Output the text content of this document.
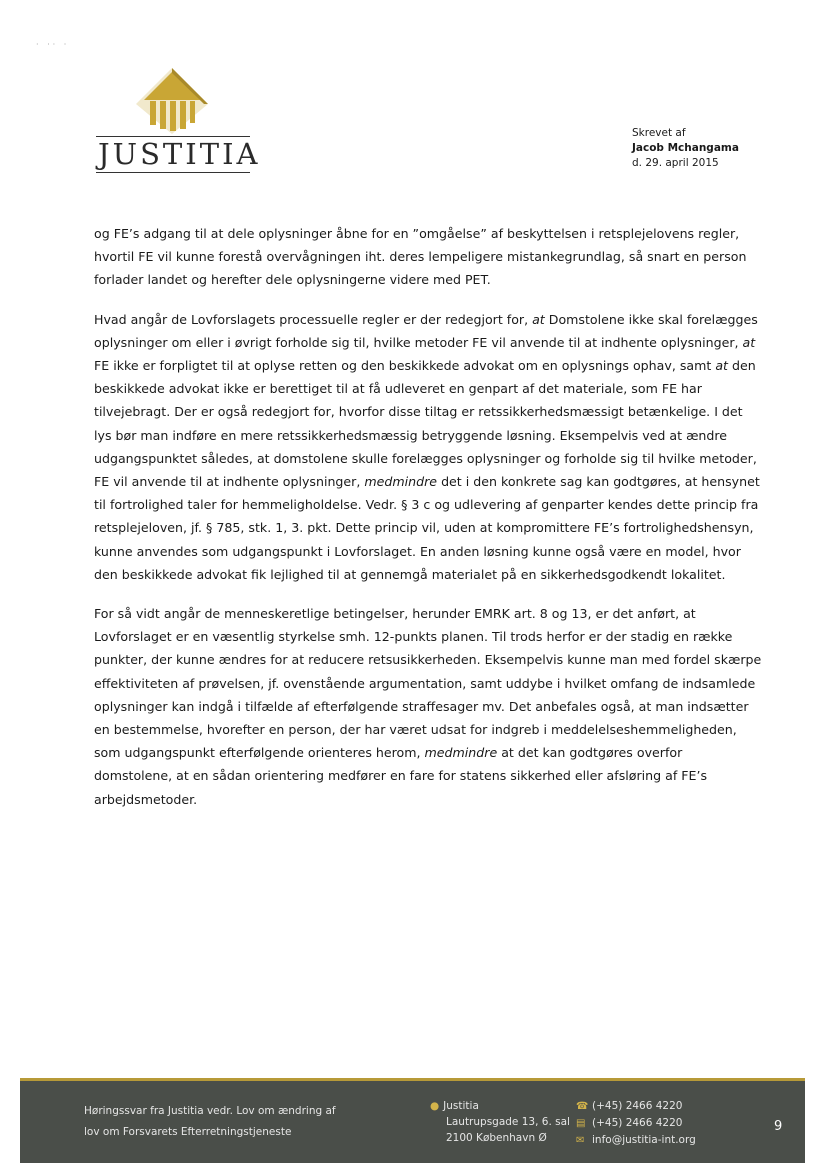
· ·· ·
JUSTITIA
Skrevet af
Jacob Mchangama
d. 29. april 2015

og FE’s adgang til at dele oplysninger åbne for en ”omgåelse” af beskyttelsen i retsplejelovens regler, hvortil FE vil kunne forestå overvågningen iht. deres lempeligere mistankegrundlag, så snart en person forlader landet og herefter dele oplysningerne videre med PET.

Hvad angår de Lovforslagets processuelle regler er der redegjort for, at Domstolene ikke skal forelægges oplysninger om eller i øvrigt forholde sig til, hvilke metoder FE vil anvende til at indhente oplysninger, at FE ikke er forpligtet til at oplyse retten og den beskikkede advokat om en oplysnings ophav, samt at den beskikkede advokat ikke er berettiget til at få udleveret en genpart af det materiale, som FE har tilvejebragt. Der er også redegjort for, hvorfor disse tiltag er retssikkerhedsmæssigt betænkelige. I det lys bør man indføre en mere retssikkerhedsmæssig betryggende løsning. Eksempelvis ved at ændre udgangspunktet således, at domstolene skulle forelægges oplysninger og forholde sig til hvilke metoder, FE vil anvende til at indhente oplysninger, medmindre det i den konkrete sag kan godtgøres, at hensynet til fortrolighed taler for hemmeligholdelse. Vedr. § 3 c og udlevering af genparter kendes dette princip fra retsplejeloven, jf. § 785, stk. 1, 3. pkt. Dette princip vil, uden at kompromittere FE’s fortrolighedshensyn, kunne anvendes som udgangspunkt i Lovforslaget. En anden løsning kunne også være en model, hvor den beskikkede advokat fik lejlighed til at gennemgå materialet på en sikkerhedsgodkendt lokalitet.

For så vidt angår de menneskeretlige betingelser, herunder EMRK art. 8 og 13, er det anført, at Lovforslaget er en væsentlig styrkelse smh. 12-punkts planen. Til trods herfor er der stadig en række punkter, der kunne ændres for at reducere retsusikkerheden. Eksempelvis kunne man med fordel skærpe effektiviteten af prøvelsen, jf. ovenstående argumentation, samt uddybe i hvilket omfang de indsamlede oplysninger kan indgå i tilfælde af efterfølgende straffesager mv. Det anbefales også, at man indsætter en bestemmelse, hvorefter en person, der har været udsat for indgreb i meddelelseshemmeligheden, som udgangspunkt efterfølgende orienteres herom, medmindre at det kan godtgøres overfor domstolene, at en sådan orientering medfører en fare for statens sikkerhed eller afsløring af FE’s arbejdsmetoder.

Høringssvar fra Justitia vedr. Lov om ændring af
lov om Forsvarets Efterretningstjeneste
● Justitia
Lautrupsgade 13, 6. sal
2100 København Ø
☎ (+45) 2466 4220
▤ (+45) 2466 4220
✉ info@justitia-int.org
9
